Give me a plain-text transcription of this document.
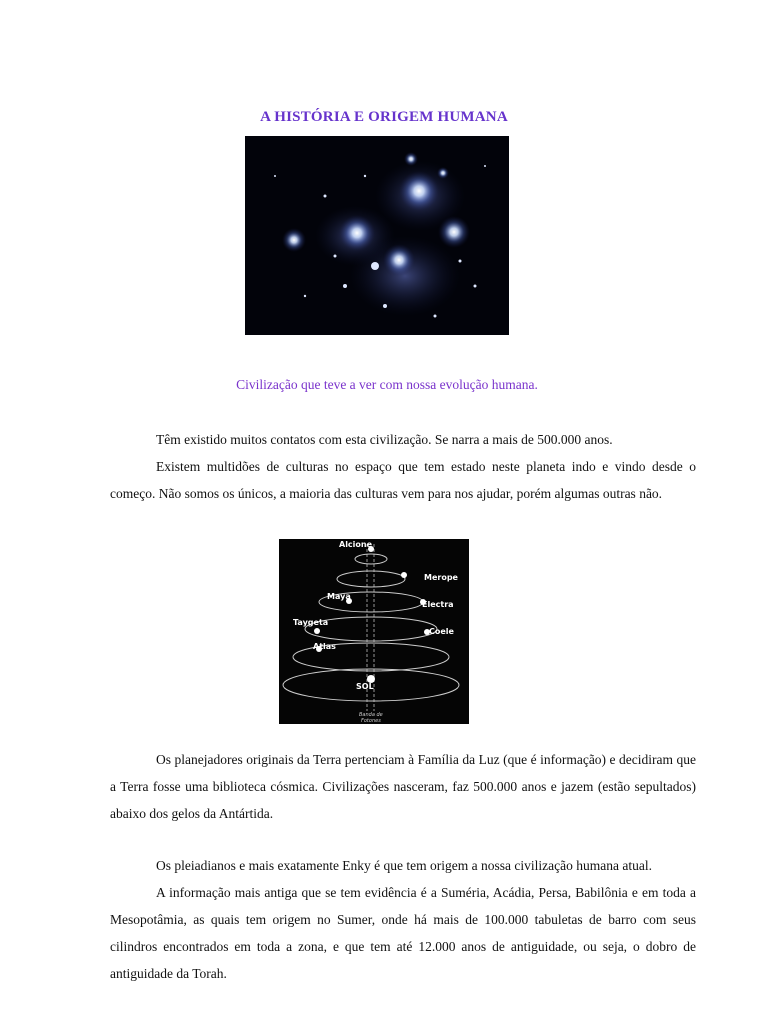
A HISTÓRIA E ORIGEM HUMANA
Civilização que teve a ver com nossa evolução humana.

Têm existido muitos contatos com esta civilização. Se narra a mais de 500.000 anos.

Existem multidões de culturas no espaço que tem estado neste planeta indo e vindo desde o começo. Não somos os únicos, a maioria das culturas vem para nos ajudar, porém algumas outras não.

Alcione
Merope
Maya
Electra
Taygeta
Coele
Atlas
SOL
Banda de
Fotones

Os planejadores originais da Terra pertenciam à Família da Luz (que é informação) e decidiram que a Terra fosse uma biblioteca cósmica. Civilizações nasceram, faz 500.000 anos e jazem (estão sepultados) abaixo dos gelos da Antártida.

Os pleiadianos e mais exatamente Enky é que tem origem a nossa civilização humana atual.

A informação mais antiga que se tem evidência é a Suméria, Acádia, Persa, Babilônia e em toda a Mesopotâmia, as quais tem origem no Sumer, onde há mais de 100.000 tabuletas de barro com seus cilindros encontrados em toda a zona, e que tem até 12.000 anos de antiguidade, ou seja, o dobro de antiguidade da Torah.
